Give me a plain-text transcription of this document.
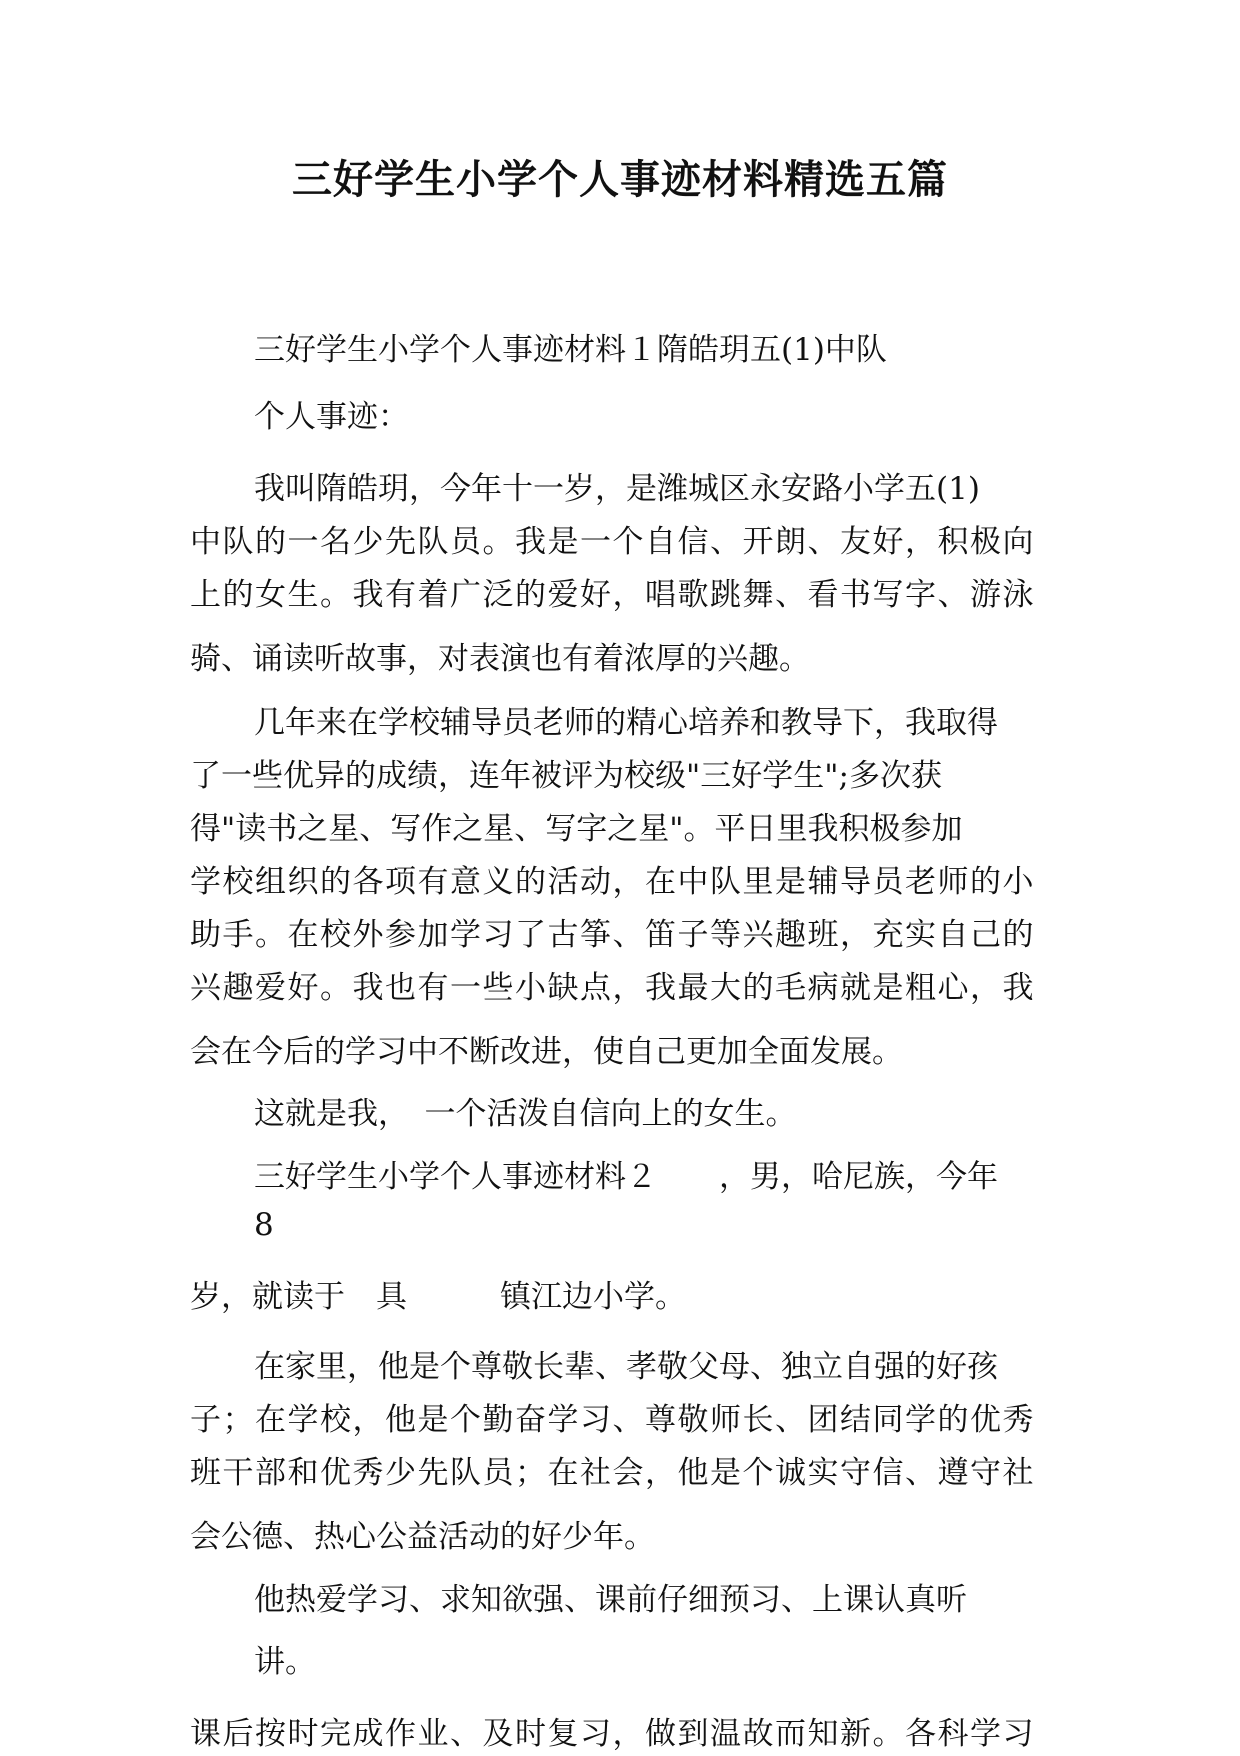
三好学生小学个人事迹材料精选五篇
三好学生小学个人事迹材料１隋皓玥五(1)中队
个人事迹：
我叫隋皓玥，今年十一岁，是潍城区永安路小学五(1)
中队的一名少先队员。我是一个自信、开朗、友好，积极向
上的女生。我有着广泛的爱好，唱歌跳舞、看书写字、游泳
骑、诵读听故事，对表演也有着浓厚的兴趣。
几年来在学校辅导员老师的精心培养和教导下，我取得
了一些优异的成绩，连年被评为校级"三好学生";多次获
得"读书之星、写作之星、写字之星"。平日里我积极参加
学校组织的各项有意义的活动，在中队里是辅导员老师的小
助手。在校外参加学习了古筝、笛子等兴趣班，充实自己的
兴趣爱好。我也有一些小缺点，我最大的毛病就是粗心，我
会在今后的学习中不断改进，使自己更加全面发展。
这就是我，　一个活泼自信向上的女生。
三好学生小学个人事迹材料２　　，男，哈尼族，今年
8
岁，就读于　具　　　镇江边小学。
在家里，他是个尊敬长辈、孝敬父母、独立自强的好孩
子；在学校，他是个勤奋学习、尊敬师长、团结同学的优秀
班干部和优秀少先队员；在社会，他是个诚实守信、遵守社
会公德、热心公益活动的好少年。
他热爱学习、求知欲强、课前仔细预习、上课认真听
讲。
课后按时完成作业、及时复习，做到温故而知新。各科学习
